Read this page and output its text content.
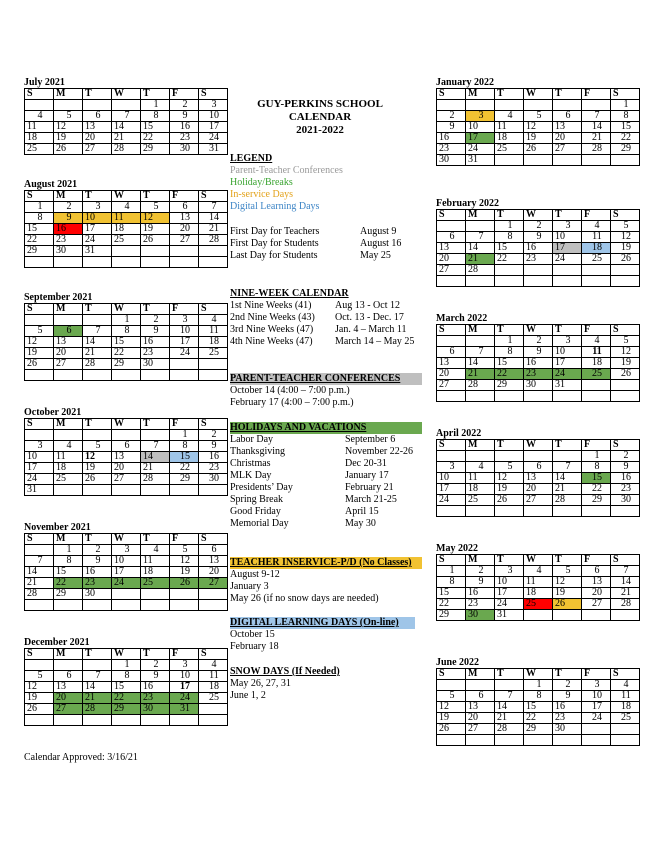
GUY-PERKINS SCHOOL
CALENDAR
2021-2022
July 2021
S	M	T	W	T	F	S
				1	2	3
4	5	6	7	8	9	10
11	12	13	14	15	16	17
18	19	20	21	22	23	24
25	26	27	28	29	30	31
August 2021
S	M	T	W	T	F	S
1	2	3	4	5	6	7
8	9	10	11	12	13	14
15	16	17	18	19	20	21
22	23	24	25	26	27	28
29	30	31				

September 2021
S	M	T	W	T	F	S
			1	2	3	4
5	6	7	8	9	10	11
12	13	14	15	16	17	18
19	20	21	22	23	24	25
26	27	28	29	30		

October 2021
S	M	T	W	T	F	S
					1	2
3	4	5	6	7	8	9
10	11	12	13	14	15	16
17	18	19	20	21	22	23
24	25	26	27	28	29	30
31						
November 2021
S	M	T	W	T	F	S
	1	2	3	4	5	6
7	8	9	10	11	12	13
14	15	16	17	18	19	20
21	22	23	24	25	26	27
28	29	30				

December 2021
S	M	T	W	T	F	S
			1	2	3	4
5	6	7	8	9	10	11
12	13	14	15	16	17	18
19	20	21	22	23	24	25
26	27	28	29	30	31	

January 2022
S	M	T	W	T	F	S
						1
2	3	4	5	6	7	8
9	10	11	12	13	14	15
16	17	18	19	20	21	22
23	24	25	26	27	28	29
30	31					
February 2022
S	M	T	W	T	F	S
		1	2	3	4	5
6	7	8	9	10	11	12
13	14	15	16	17	18	19
20	21	22	23	24	25	26
27	28					

March 2022
S	M	T	W	T	F	S
		1	2	3	4	5
6	7	8	9	10	11	12
13	14	15	16	17	18	19
20	21	22	23	24	25	26
27	28	29	30	31		

April 2022
S	M	T	W	T	F	S
					1	2
3	4	5	6	7	8	9
10	11	12	13	14	15	16
17	18	19	20	21	22	23
24	25	26	27	28	29	30

May 2022
S	M	T	W	T	F	S
1	2	3	4	5	6	7
8	9	10	11	12	13	14
15	16	17	18	19	20	21
22	23	24	25	26	27	28
29	30	31				
June 2022
S	M	T	W	T	F	S
			1	2	3	4
5	6	7	8	9	10	11
12	13	14	15	16	17	18
19	20	21	22	23	24	25
26	27	28	29	30		

LEGEND
Parent-Teacher Conferences
Holiday/Breaks
In-service Days
Digital Learning Days
First Day for Teachers	August 9
First Day for Students	August 16
Last Day for Students	May 25
NINE-WEEK CALENDAR
1st Nine Weeks (41)	Aug 13 - Oct 12
2nd Nine Weeks (43)	Oct. 13 - Dec. 17
3rd Nine Weeks (47)	Jan. 4 – March 11
4th Nine Weeks (47)	March 14 – May 25
PARENT-TEACHER CONFERENCES
October 14 (4:00 – 7:00 p.m.)
February 17 (4:00 – 7:00 p.m.)
HOLIDAYS AND VACATIONS
Labor Day	September 6
Thanksgiving	November 22-26
Christmas	Dec 20-31
MLK Day	January 17
Presidents’ Day	February 21
Spring Break	March 21-25
Good Friday	April 15
Memorial Day	May 30
TEACHER INSERVICE-P/D (No Classes)
August 9-12
January 3
May 26 (if no snow days are needed)
DIGITAL LEARNING DAYS (On-line)
October 15
February 18
SNOW DAYS (If Needed)
May 26, 27, 31
June 1, 2
Calendar Approved: 3/16/21
